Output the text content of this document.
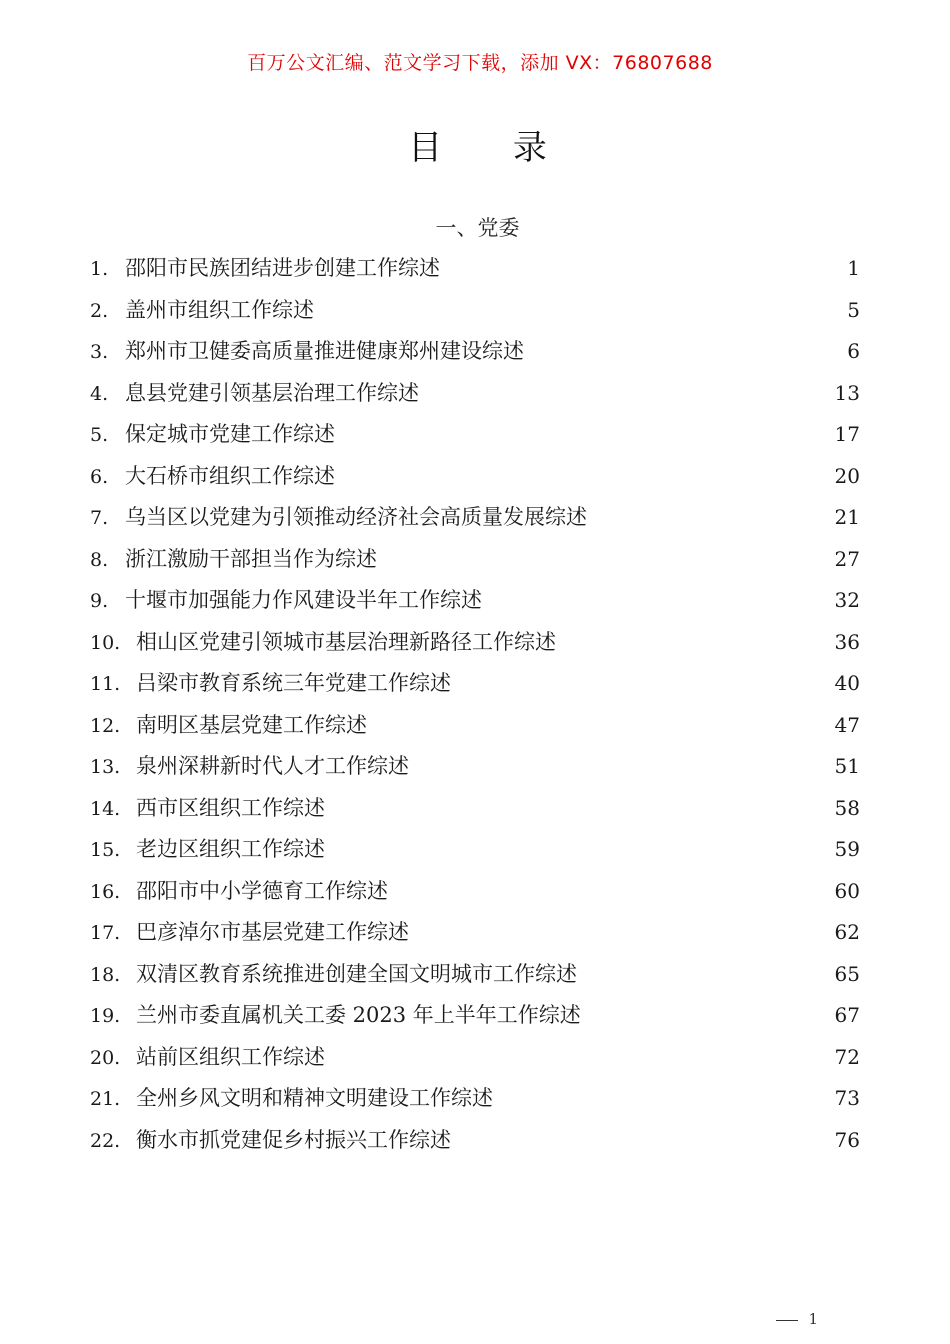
百万公文汇编、范文学习下载，添加 VX：76807688
目 录
一、党委
1. 邵阳市民族团结进步创建工作综述	1
2. 盖州市组织工作综述	5
3. 郑州市卫健委高质量推进健康郑州建设综述	6
4. 息县党建引领基层治理工作综述	13
5. 保定城市党建工作综述	17
6. 大石桥市组织工作综述	20
7. 乌当区以党建为引领推动经济社会高质量发展综述	21
8. 浙江激励干部担当作为综述	27
9. 十堰市加强能力作风建设半年工作综述	32
10. 相山区党建引领城市基层治理新路径工作综述	36
11. 吕梁市教育系统三年党建工作综述	40
12. 南明区基层党建工作综述	47
13. 泉州深耕新时代人才工作综述	51
14. 西市区组织工作综述	58
15. 老边区组织工作综述	59
16. 邵阳市中小学德育工作综述	60
17. 巴彦淖尔市基层党建工作综述	62
18. 双清区教育系统推进创建全国文明城市工作综述	65
19. 兰州市委直属机关工委 2023 年上半年工作综述	67
20. 站前区组织工作综述	72
21. 全州乡风文明和精神文明建设工作综述	73
22. 衡水市抓党建促乡村振兴工作综述	76
1
